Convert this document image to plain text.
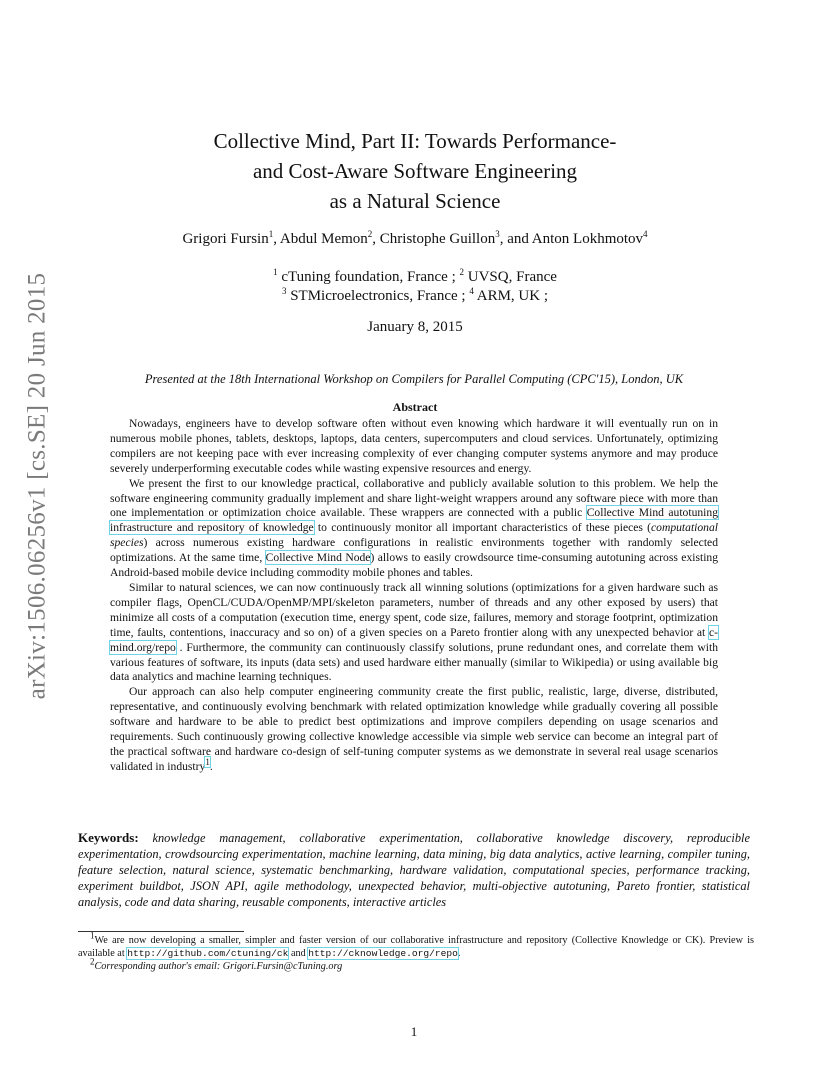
arXiv:1506.06256v1 [cs.SE] 20 Jun 2015
Collective Mind, Part II: Towards Performance-
and Cost-Aware Software Engineering
as a Natural Science
Grigori Fursin$^1$, Abdul Memon$^2$, Christophe Guillon$^3$, and Anton Lokhmotov$^4$
$^1$ cTuning foundation, France ; $^2$ UVSQ, France
$^3$ STMicroelectronics, France ; $^4$ ARM, UK ;
January 8, 2015
Presented at the 18th International Workshop on Compilers for Parallel Computing (CPC'15), London, UK
Abstract

Nowadays, engineers have to develop software often without even knowing which hardware it will eventually run on in numerous mobile phones, tablets, desktops, laptops, data centers, supercomputers and cloud services. Unfortunately, optimizing compilers are not keeping pace with ever increasing complexity of ever changing computer systems anymore and may produce severely underperforming executable codes while wasting expensive resources and energy.

We present the first to our knowledge practical, collaborative and publicly available solution to this problem. We help the software engineering community gradually implement and share light-weight wrappers around any software piece with more than one implementation or optimization choice available. These wrappers are connected with a public Collective Mind autotuning infrastructure and repository of knowledge to continuously monitor all important characteristics of these pieces (computational species) across numerous existing hardware configurations in realistic environments together with randomly selected optimizations. At the same time, Collective Mind Node) allows to easily crowdsource time-consuming autotuning across existing Android-based mobile device including commodity mobile phones and tables.

Similar to natural sciences, we can now continuously track all winning solutions (optimizations for a given hardware such as compiler flags, OpenCL/CUDA/OpenMP/MPI/skeleton parameters, number of threads and any other exposed by users) that minimize all costs of a computation (execution time, energy spent, code size, failures, memory and storage footprint, optimization time, faults, contentions, inaccuracy and so on) of a given species on a Pareto frontier along with any unexpected behavior at c-mind.org/repo . Furthermore, the community can continuously classify solutions, prune redundant ones, and correlate them with various features of software, its inputs (data sets) and used hardware either manually (similar to Wikipedia) or using available big data analytics and machine learning techniques.

Our approach can also help computer engineering community create the first public, realistic, large, diverse, distributed, representative, and continuously evolving benchmark with related optimization knowledge while gradually covering all possible software and hardware to be able to predict best optimizations and improve compilers depending on usage scenarios and requirements. Such continuously growing collective knowledge accessible via simple web service can become an integral part of the practical software and hardware co-design of self-tuning computer systems as we demonstrate in several real usage scenarios validated in industry$^1$.

Keywords: knowledge management, collaborative experimentation, collaborative knowledge discovery, reproducible experimentation, crowdsourcing experimentation, machine learning, data mining, big data analytics, active learning, compiler tuning, feature selection, natural science, systematic benchmarking, hardware validation, computational species, performance tracking, experiment buildbot, JSON API, agile methodology, unexpected behavior, multi-objective autotuning, Pareto frontier, statistical analysis, code and data sharing, reusable components, interactive articles

$^1$We are now developing a smaller, simpler and faster version of our collaborative infrastructure and repository (Collective Knowledge or CK). Preview is available at http://github.com/ctuning/ck and http://cknowledge.org/repo.

$^2$Corresponding author's email: Grigori.Fursin@cTuning.org

1
